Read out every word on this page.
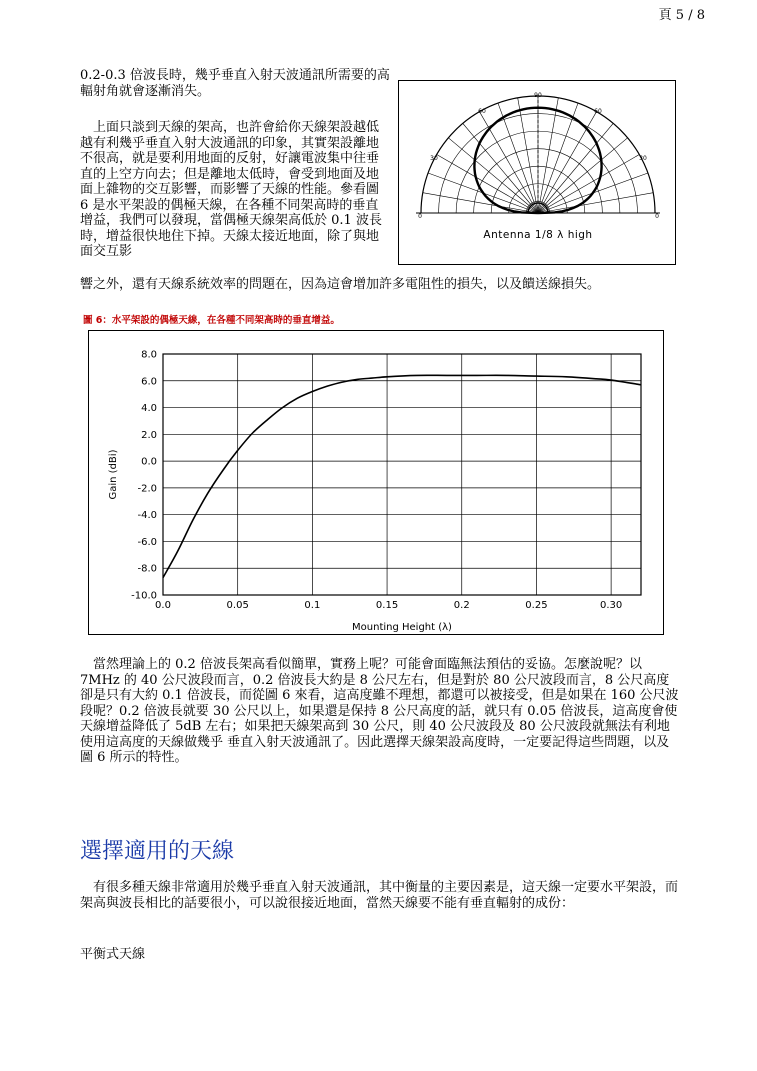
頁 5 / 8

0.2-0.3 倍波長時，幾乎垂直入射天波通訊所需要的高輻射角就會逐漸消失。

上面只談到天線的架高，也許會給你天線架設越低越有利幾乎垂直入射大波通訊的印象，其實架設離地不很高，就是要利用地面的反射，好讓電波集中往垂直的上空方向去；但是離地太低時，會受到地面及地面上雜物的交互影響，而影響了天線的性能。參看圖 6 是水平架設的偶極天線，在各種不同架高時的垂直增益，我們可以發現，當偶極天線架高低於 0.1 波長時，增益很快地住下掉。天線太接近地面，除了與地面交互影

響之外，還有天線系統效率的問題在，因為這會增加許多電阻性的損失，以及饋送線損失。

90
60	60
30	30
0	0
Antenna 1/8 λ high
圖 6：水平架設的偶極天線，在各種不同架高時的垂直增益。
-10.0
-8.0
-6.0
-4.0
-2.0
0.0
2.0
4.0
6.0
8.0
0.0	0.05	0.1	0.15	0.2	0.25	0.30
Mounting Height (λ)
Gain (dBi)

當然理論上的 0.2 倍波長架高看似簡單，實務上呢？可能會面臨無法預估的妥協。怎麼說呢？以 7MHz 的 40 公尺波段而言，0.2 倍波長大約是 8 公尺左右，但是對於 80 公尺波段而言，8 公尺高度卻是只有大約 0.1 倍波長，而從圖 6 來看，這高度雖不理想，都還可以被接受，但是如果在 160 公尺波段呢？0.2 倍波長就要 30 公尺以上，如果還是保持 8 公尺高度的話，就只有 0.05 倍波長，這高度會使天線增益降低了 5dB 左右；如果把天線架高到 30 公尺，則 40 公尺波段及 80 公尺波段就無法有利地使用這高度的天線做幾乎 垂直入射天波通訊了。因此選擇天線架設高度時，一定要記得這些問題，以及圖 6 所示的特性。

選擇適用的天線

有很多種天線非常適用於幾乎垂直入射天波通訊，其中衡量的主要因素是，這天線一定要水平架設，而架高與波長相比的話要很小，可以說很接近地面，當然天線要不能有垂直輻射的成份：

平衡式天線
